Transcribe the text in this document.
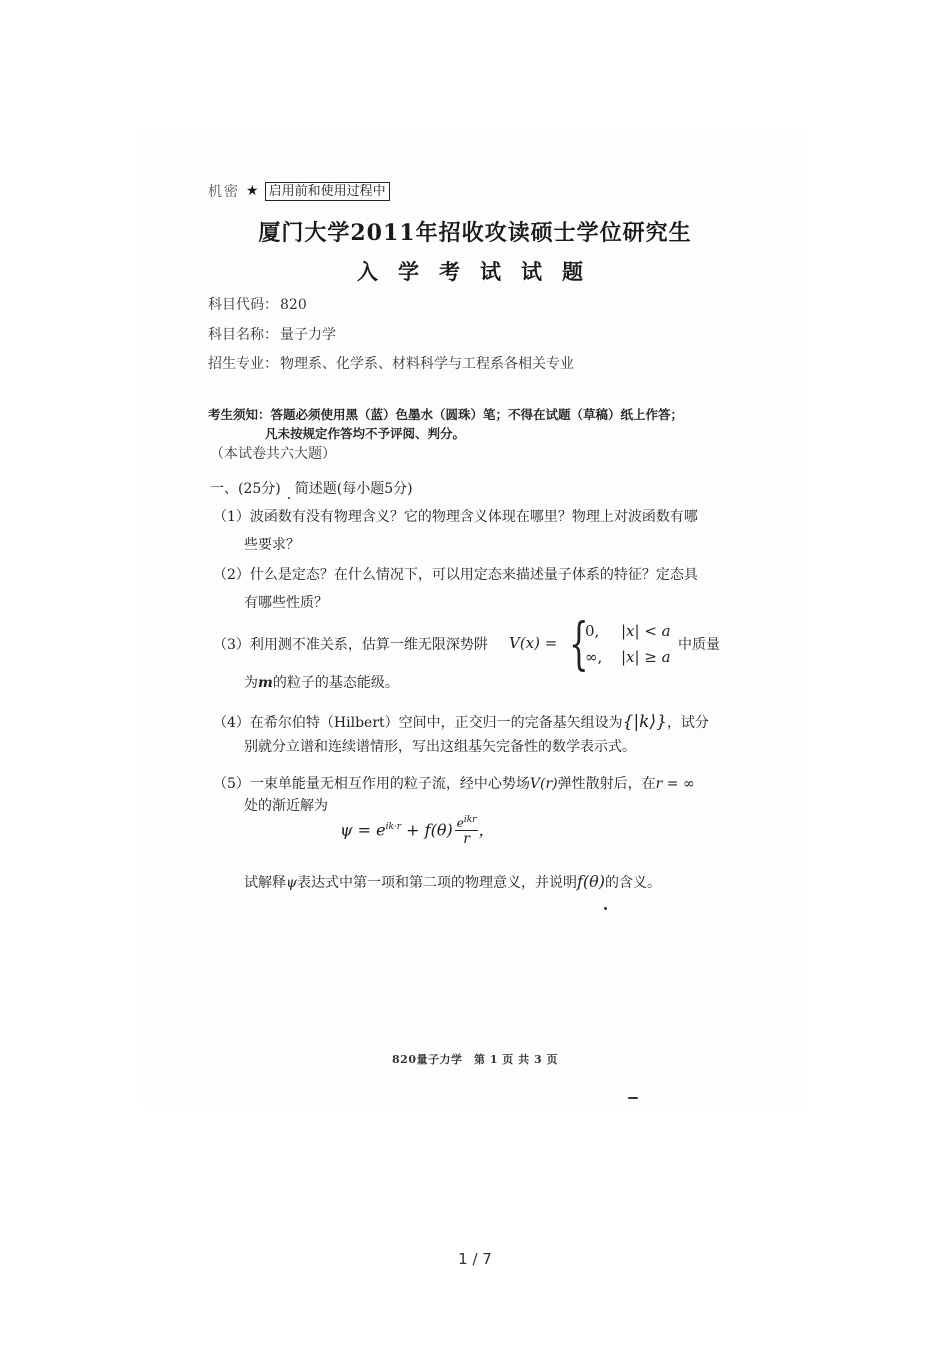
机密 ★ 启用前和使用过程中
厦门大学2011年招收攻读硕士学位研究生
入学考试试题
科目代码： 820
科目名称： 量子力学
招生专业： 物理系、化学系、材料科学与工程系各相关专业
考生须知：答题必须使用黑（蓝）色墨水（圆珠）笔；不得在试题（草稿）纸上作答；
凡未按规定作答均不予评阅、判分。
（本试卷共六大题）
一、(25分)　简述题(每小题5分)
（1）波函数有没有物理含义？它的物理含义体现在哪里？物理上对波函数有哪
些要求？
（2）什么是定态？在什么情况下，可以用定态来描述量子体系的特征？定态具
有哪些性质？
（3）利用测不准关系，估算一维无限深势阱 V(x) = {
0, |x| < a
∞, |x| ≥ a
中质量
为m的粒子的基态能级。
（4）在希尔伯特（Hilbert）空间中，正交归一的完备基矢组设为{|k⟩}，试分
别就分立谱和连续谱情形，写出这组基矢完备性的数学表示式。
（5）一束单能量无相互作用的粒子流，经中心势场V(r)弹性散射后，在r = ∞
处的渐近解为
$\psi = e^{ik\cdot r} + f(\theta) \frac{e^{ikr}}{r}$ ，
试解释ψ表达式中第一项和第二项的物理意义，并说明f(θ)的含义。
820量子力学　第 1 页 共 3 页
1 / 7
